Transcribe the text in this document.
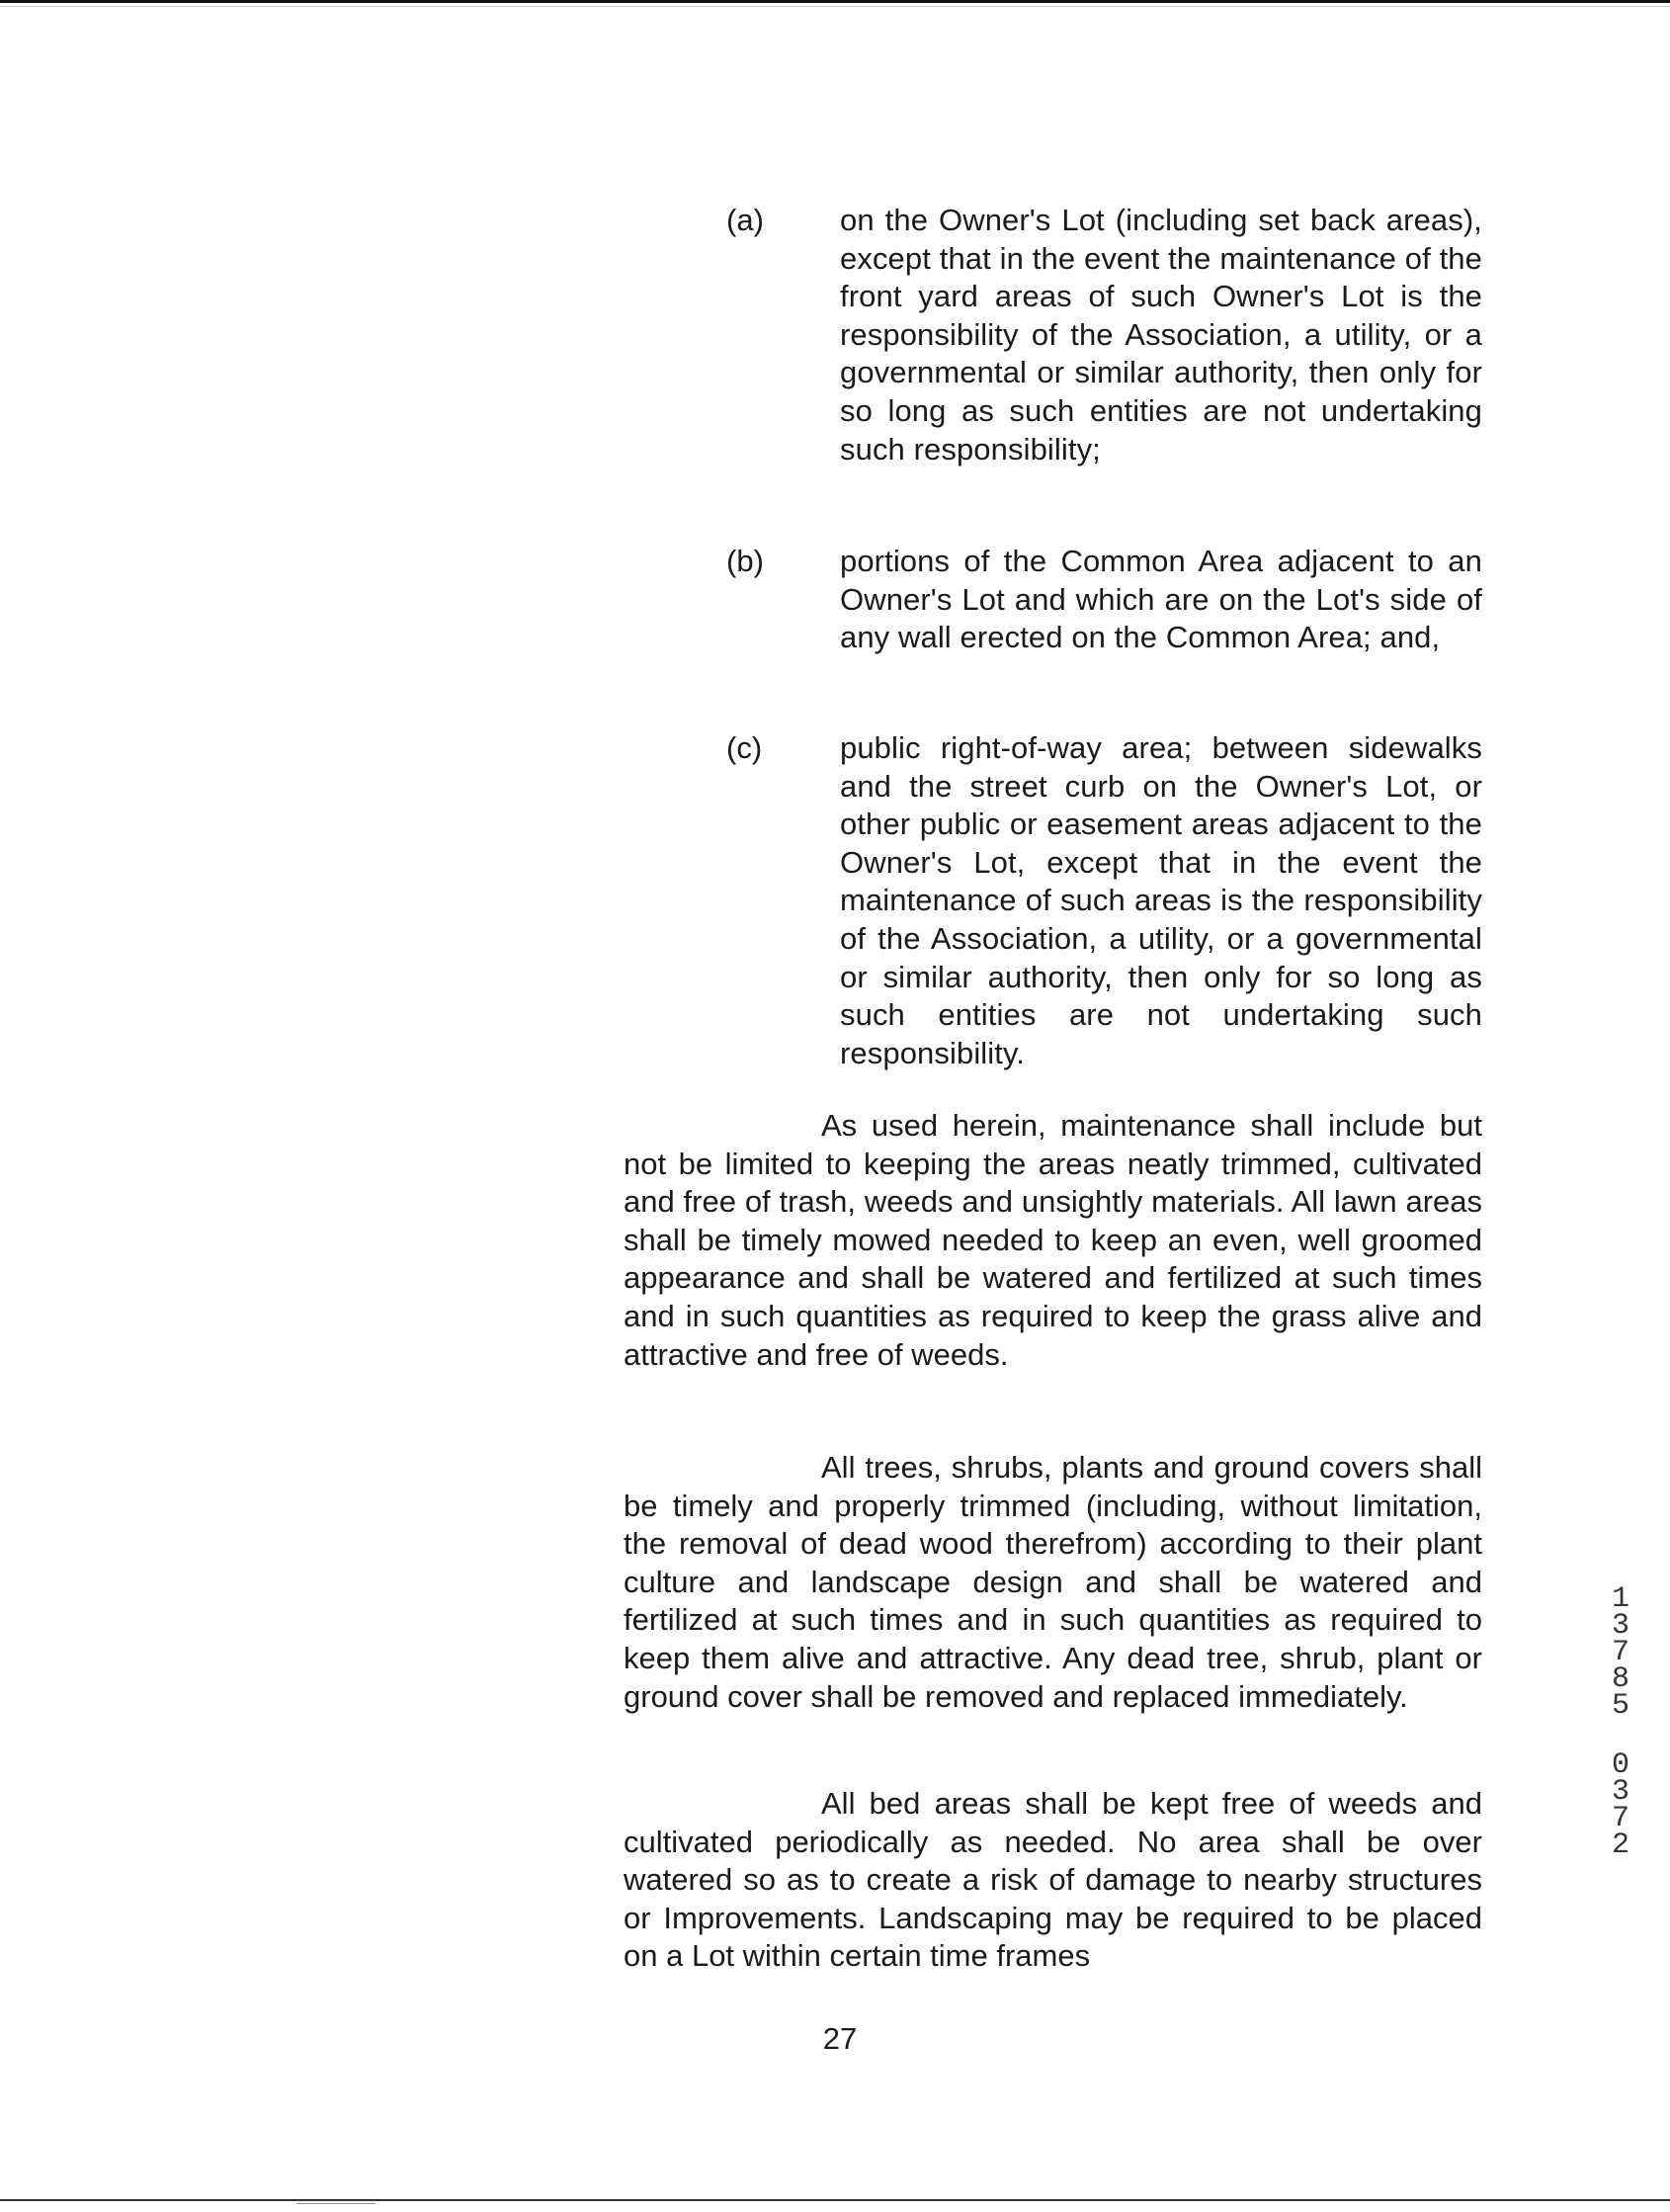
(a)	on the Owner's Lot (including set back areas), except that in the event the maintenance of the front yard areas of such Owner's Lot is the responsibility of the Association, a utility, or a governmental or similar authority, then only for so long as such entities are not undertaking such responsibility;
(b)	portions of the Common Area adjacent to an Owner's Lot and which are on the Lot's side of any wall erected on the Common Area; and,
(c)	public right-of-way area; between sidewalks and the street curb on the Owner's Lot, or other public or easement areas adjacent to the Owner's Lot, except that in the event the maintenance of such areas is the responsibility of the Association, a utility, or a governmental or similar authority, then only for so long as such entities are not undertaking such responsibility.
As used herein, maintenance shall include but not be limited to keeping the areas neatly trimmed, cultivated and free of trash, weeds and unsightly materials. All lawn areas shall be timely mowed needed to keep an even, well groomed appearance and shall be watered and fertilized at such times and in such quantities as required to keep the grass alive and attractive and free of weeds.
All trees, shrubs, plants and ground covers shall be timely and properly trimmed (including, without limitation, the removal of dead wood therefrom) according to their plant culture and landscape design and shall be watered and fertilized at such times and in such quantities as required to keep them alive and attractive. Any dead tree, shrub, plant or ground cover shall be removed and replaced immediately.
All bed areas shall be kept free of weeds and cultivated periodically as needed. No area shall be over watered so as to create a risk of damage to nearby structures or Improvements. Landscaping may be required to be placed on a Lot within certain time frames
27
13785
0372
